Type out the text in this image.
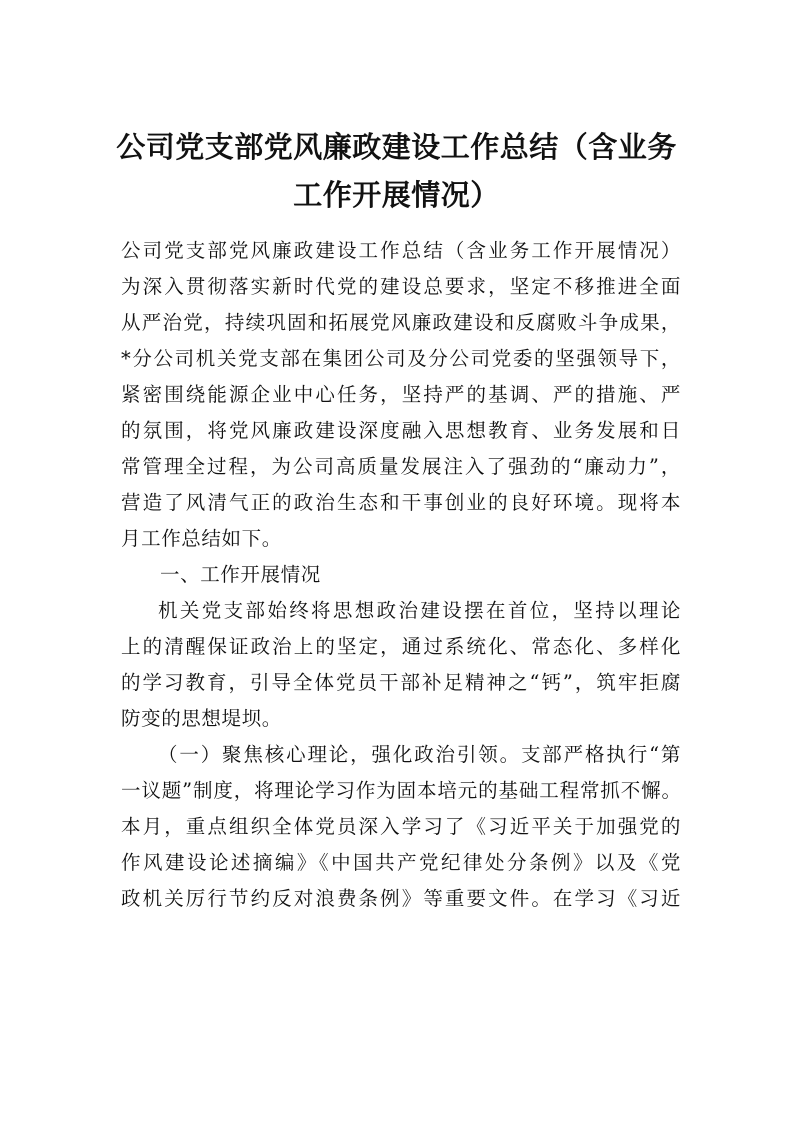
公司党支部党风廉政建设工作总结（含业务
工作开展情况）

公司党支部党风廉政建设工作总结（含业务工作开展情况）

为深入贯彻落实新时代党的建设总要求，坚定不移推进全面

从严治党，持续巩固和拓展党风廉政建设和反腐败斗争成果，

*分公司机关党支部在集团公司及分公司党委的坚强领导下，

紧密围绕能源企业中心任务，坚持严的基调、严的措施、严

的氛围，将党风廉政建设深度融入思想教育、业务发展和日

常管理全过程，为公司高质量发展注入了强劲的“廉动力”，

营造了风清气正的政治生态和干事创业的良好环境。现将本

月工作总结如下。

一、工作开展情况

机关党支部始终将思想政治建设摆在首位，坚持以理论

上的清醒保证政治上的坚定，通过系统化、常态化、多样化

的学习教育，引导全体党员干部补足精神之“钙”，筑牢拒腐

防变的思想堤坝。

（一）聚焦核心理论，强化政治引领。支部严格执行“第

一议题”制度，将理论学习作为固本培元的基础工程常抓不懈。

本月，重点组织全体党员深入学习了《习近平关于加强党的

作风建设论述摘编》《中国共产党纪律处分条例》以及《党

政机关厉行节约反对浪费条例》等重要文件。在学习《习近
